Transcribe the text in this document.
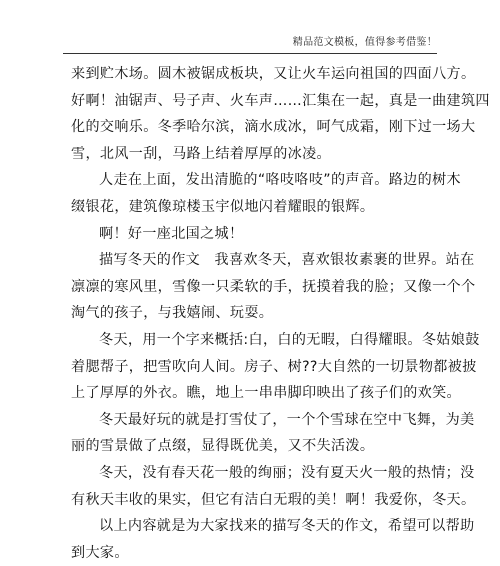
精品范文模板，值得参考借鉴！
来到贮木场。圆木被锯成板块，又让火车运向祖国的四面八方。
好啊！油锯声、号子声、火车声……汇集在一起，真是一曲建筑四
化的交响乐。冬季哈尔滨，滴水成冰，呵气成霜，刚下过一场大
雪，北风一刮，马路上结着厚厚的冰凌。
人走在上面，发出清脆的“咯吱咯吱”的声音。路边的树木
缀银花，建筑像琼楼玉宇似地闪着耀眼的银辉。
啊！好一座北国之城！
描写冬天的作文　我喜欢冬天，喜欢银妆素裹的世界。站在
凛凛的寒风里，雪像一只柔软的手，抚摸着我的脸；又像一个个
淘气的孩子，与我嬉闹、玩耍。
冬天，用一个字来概括:白，白的无暇，白得耀眼。冬姑娘鼓
着腮帮子，把雪吹向人间。房子、树??大自然的一切景物都被披
上了厚厚的外衣。瞧，地上一串串脚印映出了孩子们的欢笑。
冬天最好玩的就是打雪仗了，一个个雪球在空中飞舞，为美
丽的雪景做了点缀，显得既优美，又不失活泼。
冬天，没有春天花一般的绚丽；没有夏天火一般的热情；没
有秋天丰收的果实，但它有洁白无瑕的美！啊！我爱你，冬天。
以上内容就是为大家找来的描写冬天的作文，希望可以帮助
到大家。
